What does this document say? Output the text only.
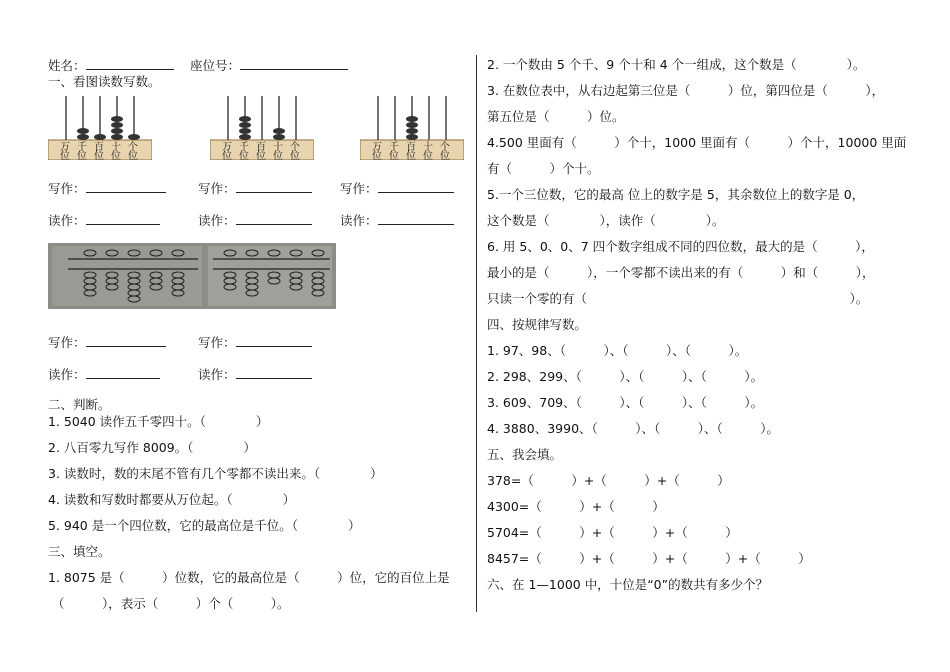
姓名：	座位号：
一、看图读数写数。
万 千 百 十 个
位 位 位 位 位
万 千 百 十 个
位 位 位 位 位
万 千 百 十 个
位 位 位 位 位
写作：	写作：	写作：
读作：	读作：	读作：
写作：	写作：
读作：	读作：
二、判断。
1. 5040 读作五千零四十。（　　　　）
2. 八百零九写作 8009。（　　　　）
3. 读数时，数的末尾不管有几个零都不读出来。（　　　　）
4. 读数和写数时都要从万位起。（　　　　）
5. 940 是一个四位数，它的最高位是千位。（　　　　）
三、填空。
1. 8075 是（　　　）位数，它的最高位是（　　　）位，它的百位上是
（　　　），表示（　　　）个（　　　）。
2. 一个数由 5 个千、9 个十和 4 个一组成，这个数是（　　　　）。
3. 在数位表中，从右边起第三位是（　　　）位，第四位是（　　　），
第五位是（　　　）位。
4.500 里面有（　　　）个十，1000 里面有（　　　）个十，10000 里面
有（　　　）个十。
5.一个三位数，它的最高 位上的数字是 5，其余数位上的数字是 0，
这个数是（　　　　），读作（　　　　）。
6. 用 5、0、0、7 四个数字组成不同的四位数，最大的是（　　　），
最小的是（　　　），一个零都不读出来的有（　　　）和（　　　），
只读一个零的有（　　　　　　　　　　　　　　　　　　　　　）。
四、按规律写数。
1. 97、98、（　　　）、（　　　）、（　　　）。
2. 298、299、（　　　）、（　　　）、（　　　）。
3. 609、709、（　　　）、（　　　）、（　　　）。
4. 3880、3990、（　　　）、（　　　）、（　　　）。
五、我会填。
378=（　　　）+（　　　）+（　　　）
4300=（　　　）+（　　　）
5704=（　　　）+（　　　）+（　　　）
8457=（　　　）+（　　　）+（　　　）+（　　　）
六、在 1—1000 中，十位是“0”的数共有多少个？
